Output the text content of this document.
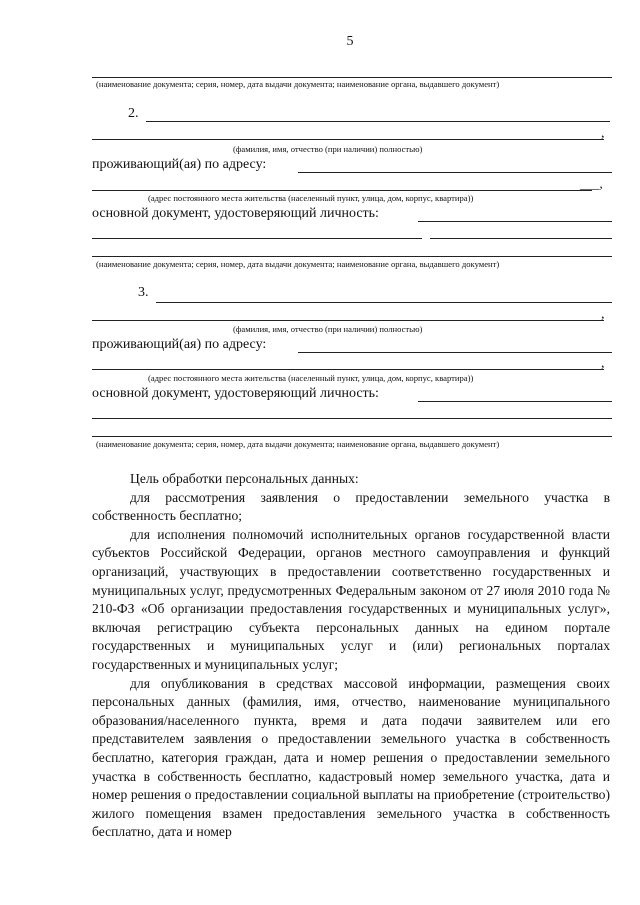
5
(наименование документа; серия, номер, дата выдачи документа; наименование органа, выдавшего документ)
2.
,
(фамилия, имя, отчество (при наличии) полностью)
проживающий(ая) по адресу:
___,
(адрес постоянного места жительства (населенный пункт, улица, дом, корпус, квартира))
основной документ, удостоверяющий личность:
(наименование документа; серия, номер, дата выдачи документа; наименование органа, выдавшего документ)
3.
,
(фамилия, имя, отчество (при наличии) полностью)
проживающий(ая) по адресу:
,
(адрес постоянного места жительства (населенный пункт, улица, дом, корпус, квартира))
основной документ, удостоверяющий личность:
(наименование документа; серия, номер, дата выдачи документа; наименование органа, выдавшего документ)

Цель обработки персональных данных:

для рассмотрения заявления о предоставлении земельного участка в собственность бесплатно;

для исполнения полномочий исполнительных органов государственной власти субъектов Российской Федерации, органов местного самоуправления и функций организаций, участвующих в предоставлении соответственно государственных и муниципальных услуг, предусмотренных Федеральным законом от 27 июля 2010 года № 210-ФЗ «Об организации предоставления государственных и муниципальных услуг», включая регистрацию субъекта персональных данных на едином портале государственных и муниципальных услуг и (или) региональных порталах государственных и муниципальных услуг;

для опубликования в средствах массовой информации, размещения своих персональных данных (фамилия, имя, отчество, наименование муниципального образования/населенного пункта, время и дата подачи заявителем или его представителем заявления о предоставлении земельного участка в собственность бесплатно, категория граждан, дата и номер решения о предоставлении земельного участка в собственность бесплатно, кадастровый номер земельного участка, дата и номер решения о предоставлении социальной выплаты на приобретение (строительство) жилого помещения взамен предоставления земельного участка в собственность бесплатно, дата и номер
